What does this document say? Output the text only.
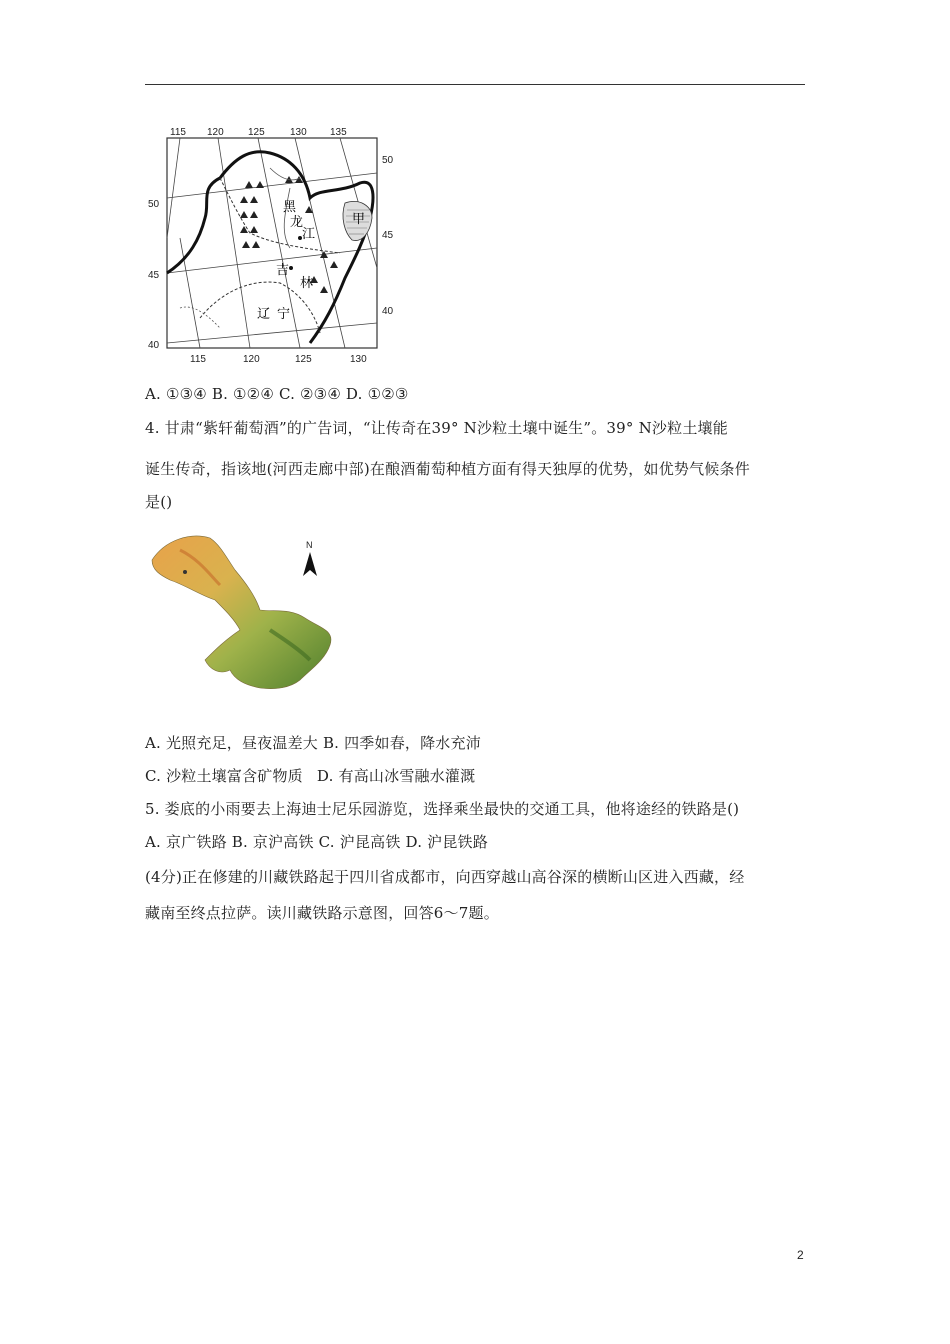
黑
龙
江
甲
吉
林
辽 宁
115 120 125	130 135
115	120	125	130
50
45
40
50
45
40
A. ①③④ B. ①②④ C. ②③④ D. ①②③
4. 甘肃“紫轩葡萄酒”的广告词，“让传奇在39° N沙粒土壤中诞生”。39° N沙粒土壤能
诞生传奇，指该地(河西走廊中部)在酿酒葡萄种植方面有得天独厚的优势，如优势气候条件
是()
N
A. 光照充足，昼夜温差大 B. 四季如春，降水充沛
C. 沙粒土壤富含矿物质 D. 有高山冰雪融水灌溉
5. 娄底的小雨要去上海迪士尼乐园游览，选择乘坐最快的交通工具，他将途经的铁路是()
A. 京广铁路 B. 京沪高铁 C. 沪昆高铁 D. 沪昆铁路
(4分)正在修建的川藏铁路起于四川省成都市，向西穿越山高谷深的横断山区进入西藏，经
藏南至终点拉萨。读川藏铁路示意图，回答6～7题。
2
